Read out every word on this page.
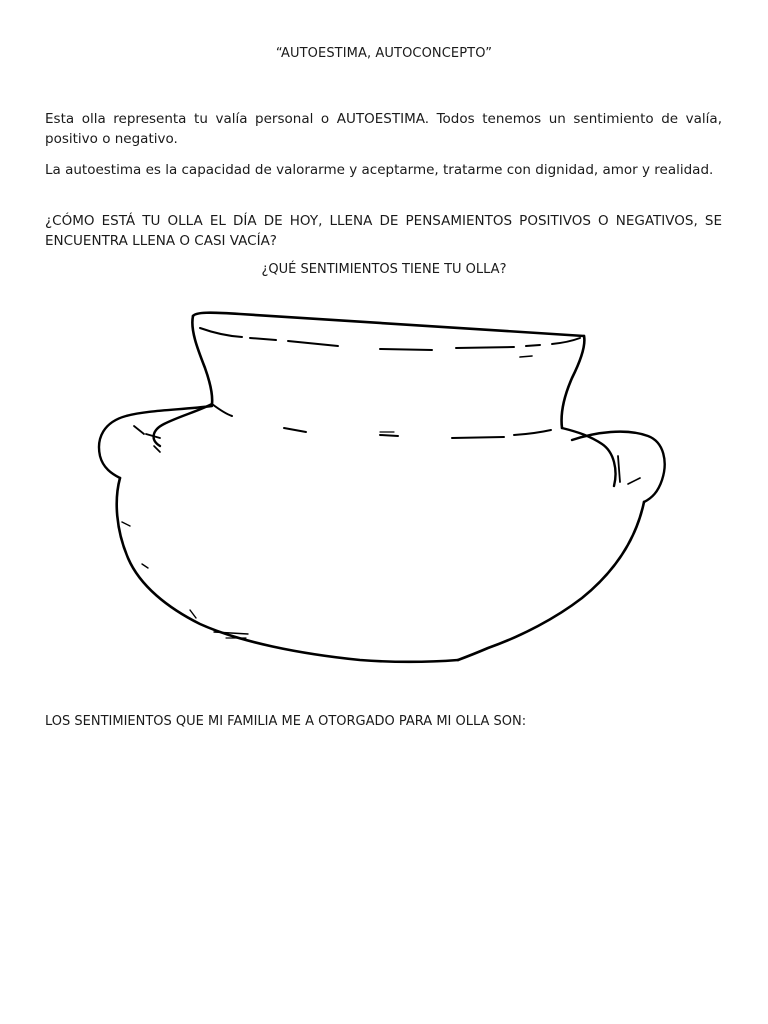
“AUTOESTIMA, AUTOCONCEPTO”

Esta olla representa tu valía personal o AUTOESTIMA. Todos tenemos un sentimiento de valía, positivo o negativo.

La autoestima es la capacidad de valorarme y aceptarme, tratarme con dignidad, amor y realidad.

¿CÓMO ESTÁ TU OLLA EL DÍA DE HOY, LLENA DE PENSAMIENTOS POSITIVOS O NEGATIVOS, SE ENCUENTRA LLENA O CASI VACÍA?

¿QUÉ SENTIMIENTOS TIENE TU OLLA?
LOS SENTIMIENTOS QUE MI FAMILIA ME A OTORGADO PARA MI OLLA SON:
